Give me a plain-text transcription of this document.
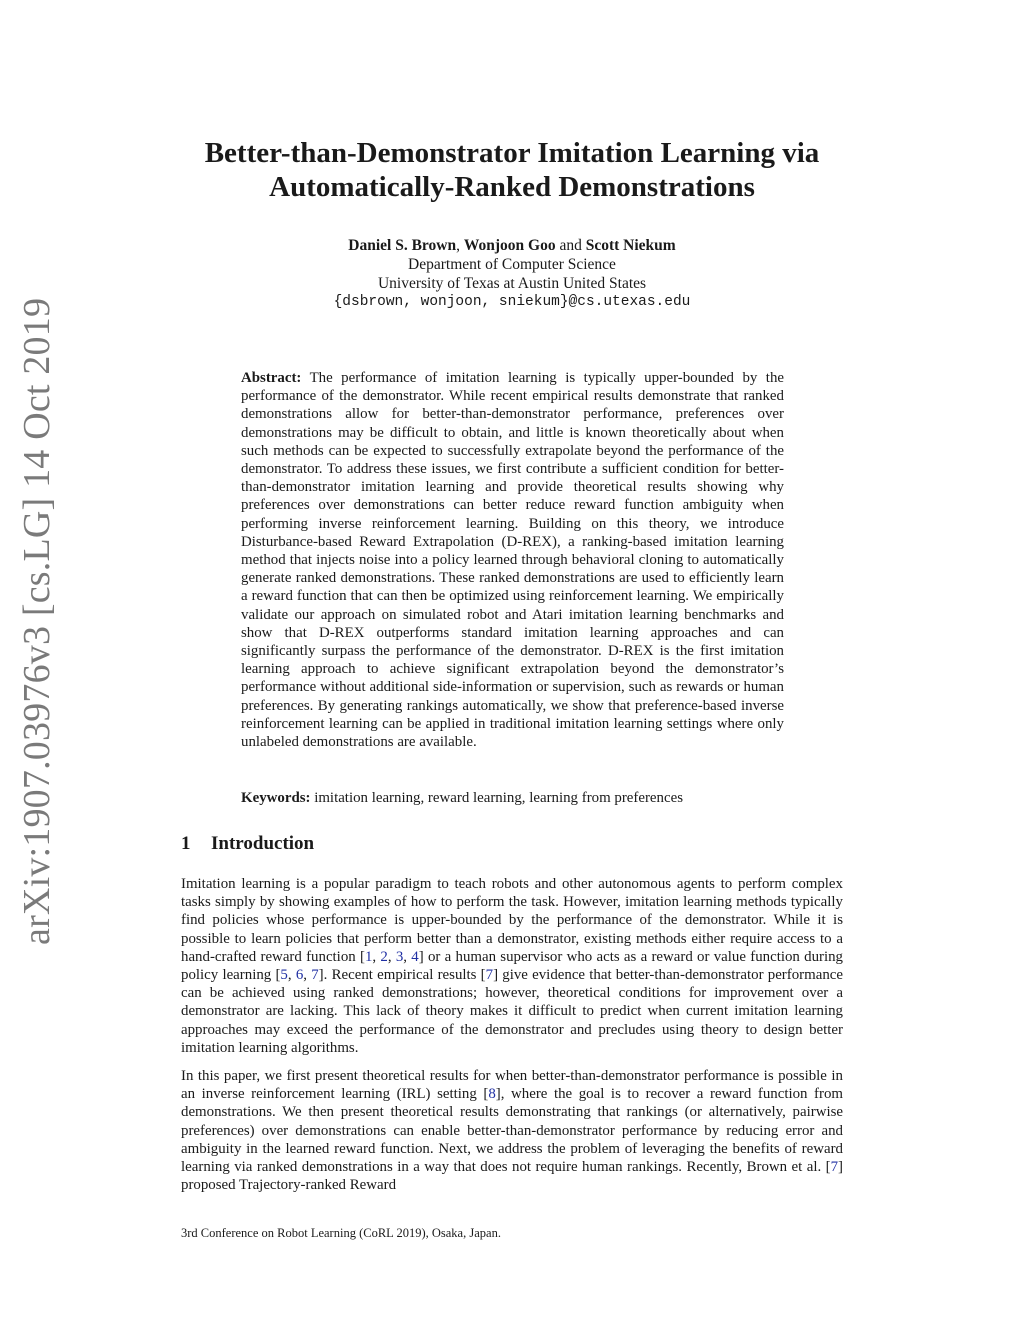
arXiv:1907.03976v3 [cs.LG] 14 Oct 2019
Better-than-Demonstrator Imitation Learning via
Automatically-Ranked Demonstrations
Daniel S. Brown, Wonjoon Goo and Scott Niekum
Department of Computer Science
University of Texas at Austin United States
{dsbrown, wonjoon, sniekum}@cs.utexas.edu
Abstract: The performance of imitation learning is typically upper-bounded by the performance of the demonstrator. While recent empirical results demonstrate that ranked demonstrations allow for better-than-demonstrator performance, preferences over demonstrations may be difficult to obtain, and little is known theoretically about when such methods can be expected to successfully extrapolate beyond the performance of the demonstrator. To address these issues, we first contribute a sufficient condition for better-than-demonstrator imitation learning and provide theoretical results showing why preferences over demonstrations can better reduce reward function ambiguity when performing inverse reinforcement learning. Building on this theory, we introduce Disturbance-based Reward Extrapolation (D-REX), a ranking-based imitation learning method that injects noise into a policy learned through behavioral cloning to automatically generate ranked demonstrations. These ranked demonstrations are used to efficiently learn a reward function that can then be optimized using reinforcement learning. We empirically validate our approach on simulated robot and Atari imitation learning benchmarks and show that D-REX outperforms standard imitation learning approaches and can significantly surpass the performance of the demonstrator. D-REX is the first imitation learning approach to achieve significant extrapolation beyond the demonstrator’s performance without additional side-information or supervision, such as rewards or human preferences. By generating rankings automatically, we show that preference-based inverse reinforcement learning can be applied in traditional imitation learning settings where only unlabeled demonstrations are available.
Keywords: imitation learning, reward learning, learning from preferences
1 Introduction
Imitation learning is a popular paradigm to teach robots and other autonomous agents to perform complex tasks simply by showing examples of how to perform the task. However, imitation learning methods typically find policies whose performance is upper-bounded by the performance of the demonstrator. While it is possible to learn policies that perform better than a demonstrator, existing methods either require access to a hand-crafted reward function [1, 2, 3, 4] or a human supervisor who acts as a reward or value function during policy learning [5, 6, 7]. Recent empirical results [7] give evidence that better-than-demonstrator performance can be achieved using ranked demonstrations; however, theoretical conditions for improvement over a demonstrator are lacking. This lack of theory makes it difficult to predict when current imitation learning approaches may exceed the performance of the demonstrator and precludes using theory to design better imitation learning algorithms.
In this paper, we first present theoretical results for when better-than-demonstrator performance is possible in an inverse reinforcement learning (IRL) setting [8], where the goal is to recover a reward function from demonstrations. We then present theoretical results demonstrating that rankings (or alternatively, pairwise preferences) over demonstrations can enable better-than-demonstrator performance by reducing error and ambiguity in the learned reward function. Next, we address the problem of leveraging the benefits of reward learning via ranked demonstrations in a way that does not require human rankings. Recently, Brown et al. [7] proposed Trajectory-ranked Reward
3rd Conference on Robot Learning (CoRL 2019), Osaka, Japan.
